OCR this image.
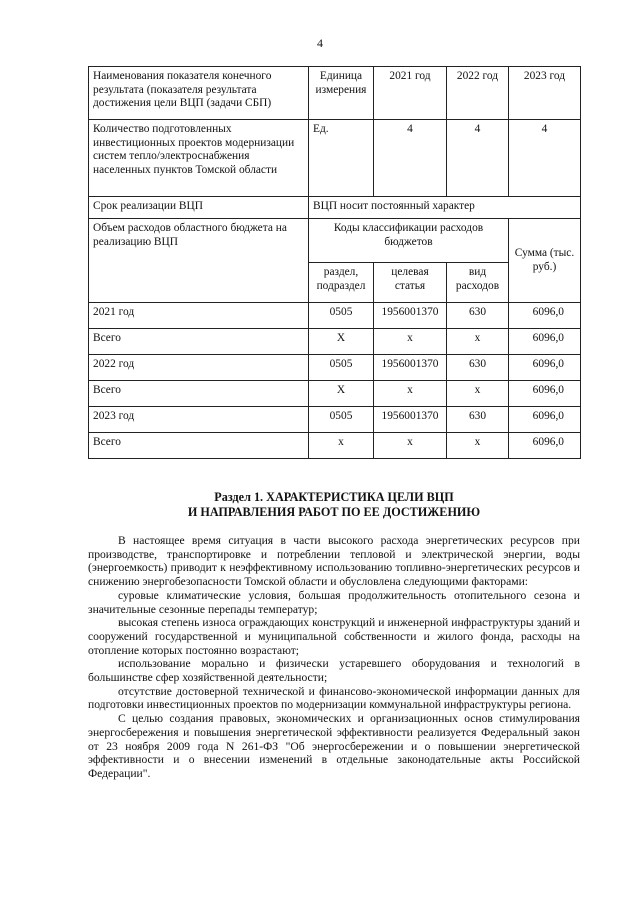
4
Наименования показателя конечного результата (показателя результата достижения цели ВЦП (задачи СБП)	Единица измерения	2021 год	2022 год	2023 год
Количество подготовленных инвестиционных проектов модернизации систем тепло/электроснабжения населенных пунктов Томской области	Ед.	4	4	4
Срок реализации ВЦП	ВЦП носит постоянный характер			
Объем расходов областного бюджета на реализацию ВЦП	Коды классификации расходов бюджетов			Сумма (тыс. руб.)
	раздел, подраздел	целевая статья	вид расходов	
2021 год	0505	1956001370	630	6096,0
Всего	X	x	x	6096,0
2022 год	0505	1956001370	630	6096,0
Всего	X	x	x	6096,0
2023 год	0505	1956001370	630	6096,0
Всего	x	x	x	6096,0
Раздел 1. ХАРАКТЕРИСТИКА ЦЕЛИ ВЦП
И НАПРАВЛЕНИЯ РАБОТ ПО ЕЕ ДОСТИЖЕНИЮ

В настоящее время ситуация в части высокого расхода энергетических ресурсов при производстве, транспортировке и потреблении тепловой и электрической энергии, воды (энергоемкость) приводит к неэффективному использованию топливно-энергетических ресурсов и снижению энергобезопасности Томской области и обусловлена следующими факторами:

суровые климатические условия, большая продолжительность отопительного сезона и значительные сезонные перепады температур;

высокая степень износа ограждающих конструкций и инженерной инфраструктуры зданий и сооружений государственной и муниципальной собственности и жилого фонда, расходы на отопление которых постоянно возрастают;

использование морально и физически устаревшего оборудования и технологий в большинстве сфер хозяйственной деятельности;

отсутствие достоверной технической и финансово-экономической информации данных для подготовки инвестиционных проектов по модернизации коммунальной инфраструктуры региона.

С целью создания правовых, экономических и организационных основ стимулирования энергосбережения и повышения энергетической эффективности реализуется Федеральный закон от 23 ноября 2009 года N 261-ФЗ "Об энергосбережении и о повышении энергетической эффективности и о внесении изменений в отдельные законодательные акты Российской Федерации".
